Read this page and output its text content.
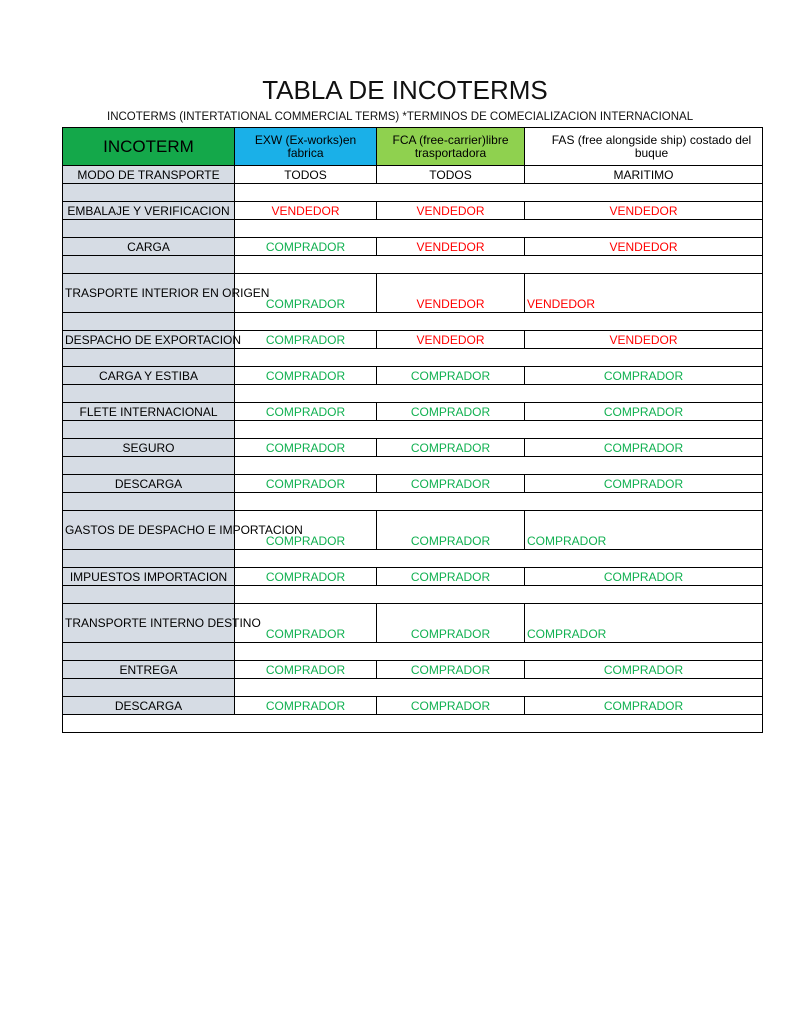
TABLA DE INCOTERMS
INCOTERMS (INTERTATIONAL COMMERCIAL TERMS) *TERMINOS DE COMECIALIZACION INTERNACIONAL
INCOTERM	EXW (Ex-works)en fabrica	FCA (free-carrier)libre trasportadora	FAS (free alongside ship) costado del buque
MODO DE TRANSPORTE	TODOS	TODOS	MARITIMO

EMBALAJE Y VERIFICACION	VENDEDOR	VENDEDOR	VENDEDOR

CARGA	COMPRADOR	VENDEDOR	VENDEDOR

TRASPORTE INTERIOR EN ORIGEN	COMPRADOR	VENDEDOR	VENDEDOR

DESPACHO DE EXPORTACION	COMPRADOR	VENDEDOR	VENDEDOR

CARGA Y ESTIBA	COMPRADOR	COMPRADOR	COMPRADOR

FLETE INTERNACIONAL	COMPRADOR	COMPRADOR	COMPRADOR

SEGURO	COMPRADOR	COMPRADOR	COMPRADOR

DESCARGA	COMPRADOR	COMPRADOR	COMPRADOR

GASTOS DE DESPACHO E IMPORTACION	COMPRADOR	COMPRADOR	COMPRADOR

IMPUESTOS IMPORTACION	COMPRADOR	COMPRADOR	COMPRADOR

TRANSPORTE INTERNO DESTINO	COMPRADOR	COMPRADOR	COMPRADOR

ENTREGA	COMPRADOR	COMPRADOR	COMPRADOR

DESCARGA	COMPRADOR	COMPRADOR	COMPRADOR
